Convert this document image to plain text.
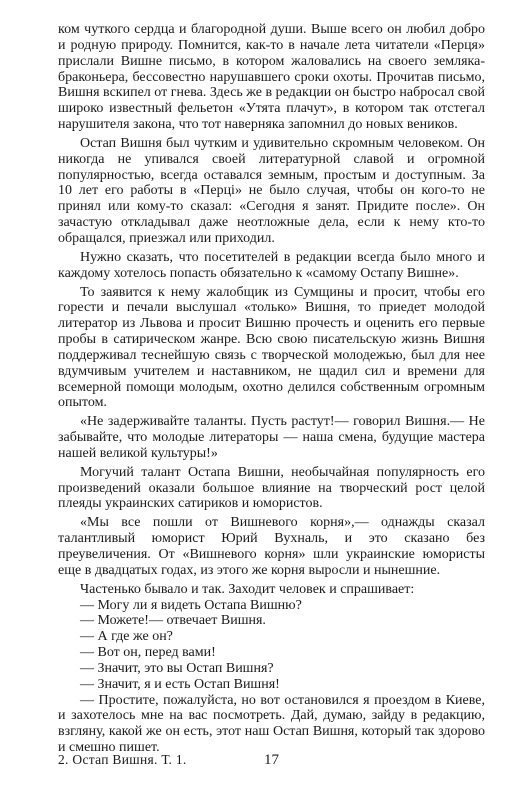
ком чуткого сердца и благородной души. Выше всего он любил добро и родную природу. Помнится, как-то в начале лета читатели «Перця» прислали Вишне письмо, в котором жаловались на своего земляка-браконьера, бессовестно нарушавшего сроки охоты. Прочитав письмо, Вишня вскипел от гнева. Здесь же в редакции он быстро набросал свой широко известный фельетон «Утята плачут», в котором так отстегал нарушителя закона, что тот наверняка запомнил до новых веников.

Остап Вишня был чутким и удивительно скромным человеком. Он никогда не упивался своей литературной славой и огромной популярностью, всегда оставался земным, простым и доступным. За 10 лет его работы в «Перці» не было случая, чтобы он кого-то не принял или кому-то сказал: «Сегодня я занят. Придите после». Он зачастую откладывал даже неотложные дела, если к нему кто-то обращался, приезжал или приходил.

Нужно сказать, что посетителей в редакции всегда было много и каждому хотелось попасть обязательно к «самому Остапу Вишне».

То заявится к нему жалобщик из Сумщины и просит, чтобы его горести и печали выслушал «только» Вишня, то приедет молодой литератор из Львова и просит Вишню прочесть и оценить его первые пробы в сатирическом жанре. Всю свою писательскую жизнь Вишня поддерживал теснейшую связь с творческой молодежью, был для нее вдумчивым учителем и наставником, не щадил сил и времени для всемерной помощи молодым, охотно делился собственным огромным опытом.

«Не задерживайте таланты. Пусть растут!— говорил Вишня.— Не забывайте, что молодые литераторы — наша смена, будущие мастера нашей великой культуры!»

Могучий талант Остапа Вишни, необычайная популярность его произведений оказали большое влияние на творческий рост целой плеяды украинских сатириков и юмористов.

«Мы все пошли от Вишневого корня»,— однажды сказал талантливый юморист Юрий Вухналь, и это сказано без преувеличения. От «Вишневого корня» шли украинские юмористы еще в двадцатых годах, из этого же корня выросли и нынешние.

Частенько бывало и так. Заходит человек и спрашивает:

— Могу ли я видеть Остапа Вишню?

— Можете!— отвечает Вишня.

— А где же он?

— Вот он, перед вами!

— Значит, это вы Остап Вишня?

— Значит, я и есть Остап Вишня!

— Простите, пожалуйста, но вот остановился я проездом в Киеве, и захотелось мне на вас посмотреть. Дай, думаю, зайду в редакцию, взгляну, какой же он есть, этот наш Остап Вишня, который так здорово и смешно пишет.

2. Остап Вишня. Т. 1.	17
